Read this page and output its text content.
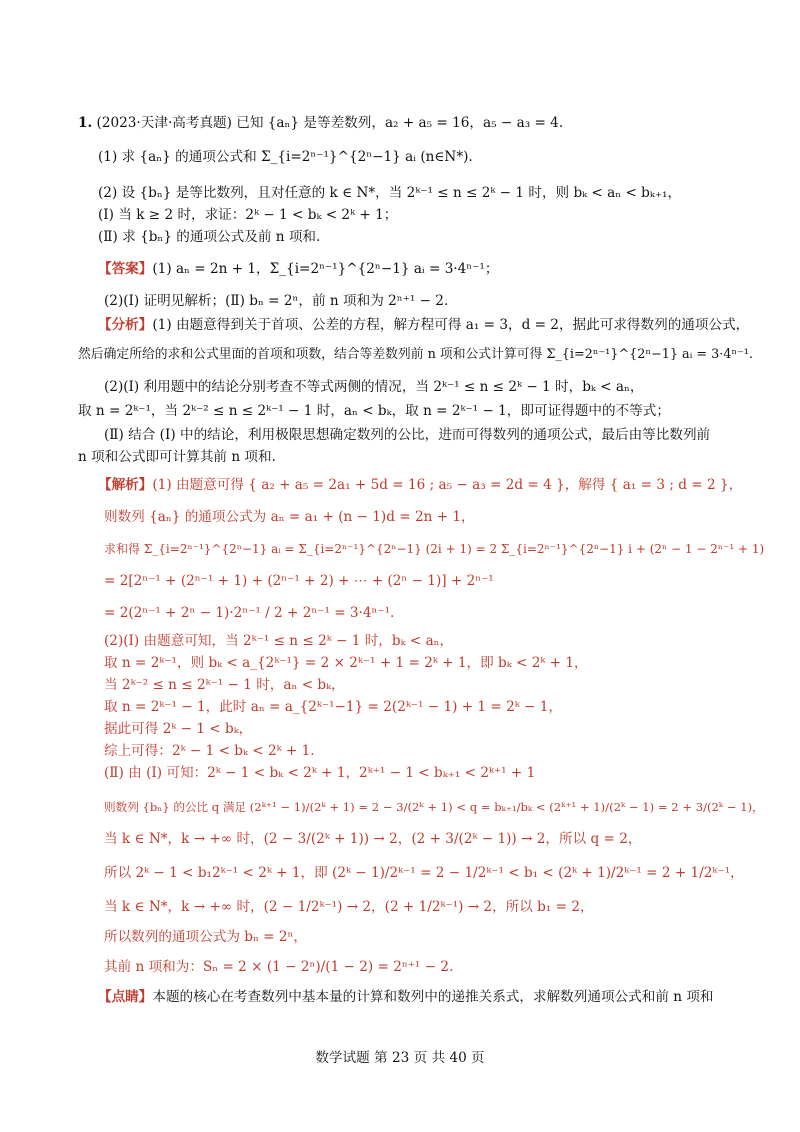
1. (2023·天津·高考真题) 已知 {aₙ} 是等差数列，a₂ + a₅ = 16，a₅ − a₃ = 4.
(1) 求 {aₙ} 的通项公式和 Σ_{i=2ⁿ⁻¹}^{2ⁿ−1} aᵢ (n∈N*).
(2) 设 {bₙ} 是等比数列，且对任意的 k ∈ N*，当 2ᵏ⁻¹ ≤ n ≤ 2ᵏ − 1 时，则 bₖ < aₙ < bₖ₊₁，
(Ⅰ) 当 k ≥ 2 时，求证：2ᵏ − 1 < bₖ < 2ᵏ + 1；
(Ⅱ) 求 {bₙ} 的通项公式及前 n 项和.
【答案】(1) aₙ = 2n + 1，Σ_{i=2ⁿ⁻¹}^{2ⁿ−1} aᵢ = 3·4ⁿ⁻¹；
(2)(Ⅰ) 证明见解析；(Ⅱ) bₙ = 2ⁿ，前 n 项和为 2ⁿ⁺¹ − 2.
【分析】(1) 由题意得到关于首项、公差的方程，解方程可得 a₁ = 3，d = 2，据此可求得数列的通项公式，
然后确定所给的求和公式里面的首项和项数，结合等差数列前 n 项和公式计算可得 Σ_{i=2ⁿ⁻¹}^{2ⁿ−1} aᵢ = 3·4ⁿ⁻¹.
(2)(Ⅰ) 利用题中的结论分别考查不等式两侧的情况，当 2ᵏ⁻¹ ≤ n ≤ 2ᵏ − 1 时，bₖ < aₙ，
取 n = 2ᵏ⁻¹，当 2ᵏ⁻² ≤ n ≤ 2ᵏ⁻¹ − 1 时，aₙ < bₖ，取 n = 2ᵏ⁻¹ − 1，即可证得题中的不等式；
(Ⅱ) 结合 (Ⅰ) 中的结论，利用极限思想确定数列的公比，进而可得数列的通项公式，最后由等比数列前
n 项和公式即可计算其前 n 项和.
【解析】(1) 由题意可得 { a₂ + a₅ = 2a₁ + 5d = 16 ; a₅ − a₃ = 2d = 4 }，解得 { a₁ = 3 ; d = 2 }，
则数列 {aₙ} 的通项公式为 aₙ = a₁ + (n − 1)d = 2n + 1，
求和得 Σ_{i=2ⁿ⁻¹}^{2ⁿ−1} aᵢ = Σ_{i=2ⁿ⁻¹}^{2ⁿ−1} (2i + 1) = 2 Σ_{i=2ⁿ⁻¹}^{2ⁿ−1} i + (2ⁿ − 1 − 2ⁿ⁻¹ + 1)
= 2[2ⁿ⁻¹ + (2ⁿ⁻¹ + 1) + (2ⁿ⁻¹ + 2) + ⋯ + (2ⁿ − 1)] + 2ⁿ⁻¹
= 2(2ⁿ⁻¹ + 2ⁿ − 1)·2ⁿ⁻¹ / 2 + 2ⁿ⁻¹ = 3·4ⁿ⁻¹.
(2)(Ⅰ) 由题意可知，当 2ᵏ⁻¹ ≤ n ≤ 2ᵏ − 1 时，bₖ < aₙ，
取 n = 2ᵏ⁻¹，则 bₖ < a_{2ᵏ⁻¹} = 2 × 2ᵏ⁻¹ + 1 = 2ᵏ + 1，即 bₖ < 2ᵏ + 1，
当 2ᵏ⁻² ≤ n ≤ 2ᵏ⁻¹ − 1 时，aₙ < bₖ，
取 n = 2ᵏ⁻¹ − 1，此时 aₙ = a_{2ᵏ⁻¹−1} = 2(2ᵏ⁻¹ − 1) + 1 = 2ᵏ − 1，
据此可得 2ᵏ − 1 < bₖ，
综上可得：2ᵏ − 1 < bₖ < 2ᵏ + 1.
(Ⅱ) 由 (Ⅰ) 可知：2ᵏ − 1 < bₖ < 2ᵏ + 1，2ᵏ⁺¹ − 1 < bₖ₊₁ < 2ᵏ⁺¹ + 1
则数列 {bₙ} 的公比 q 满足 (2ᵏ⁺¹ − 1)/(2ᵏ + 1) = 2 − 3/(2ᵏ + 1) < q = bₖ₊₁/bₖ < (2ᵏ⁺¹ + 1)/(2ᵏ − 1) = 2 + 3/(2ᵏ − 1)，
当 k ∈ N*，k → +∞ 时，(2 − 3/(2ᵏ + 1)) → 2，(2 + 3/(2ᵏ − 1)) → 2，所以 q = 2，
所以 2ᵏ − 1 < b₁2ᵏ⁻¹ < 2ᵏ + 1，即 (2ᵏ − 1)/2ᵏ⁻¹ = 2 − 1/2ᵏ⁻¹ < b₁ < (2ᵏ + 1)/2ᵏ⁻¹ = 2 + 1/2ᵏ⁻¹，
当 k ∈ N*，k → +∞ 时，(2 − 1/2ᵏ⁻¹) → 2，(2 + 1/2ᵏ⁻¹) → 2，所以 b₁ = 2，
所以数列的通项公式为 bₙ = 2ⁿ，
其前 n 项和为：Sₙ = 2 × (1 − 2ⁿ)/(1 − 2) = 2ⁿ⁺¹ − 2.
【点睛】本题的核心在考查数列中基本量的计算和数列中的递推关系式，求解数列通项公式和前 n 项和
数学试题 第 23 页 共 40 页
